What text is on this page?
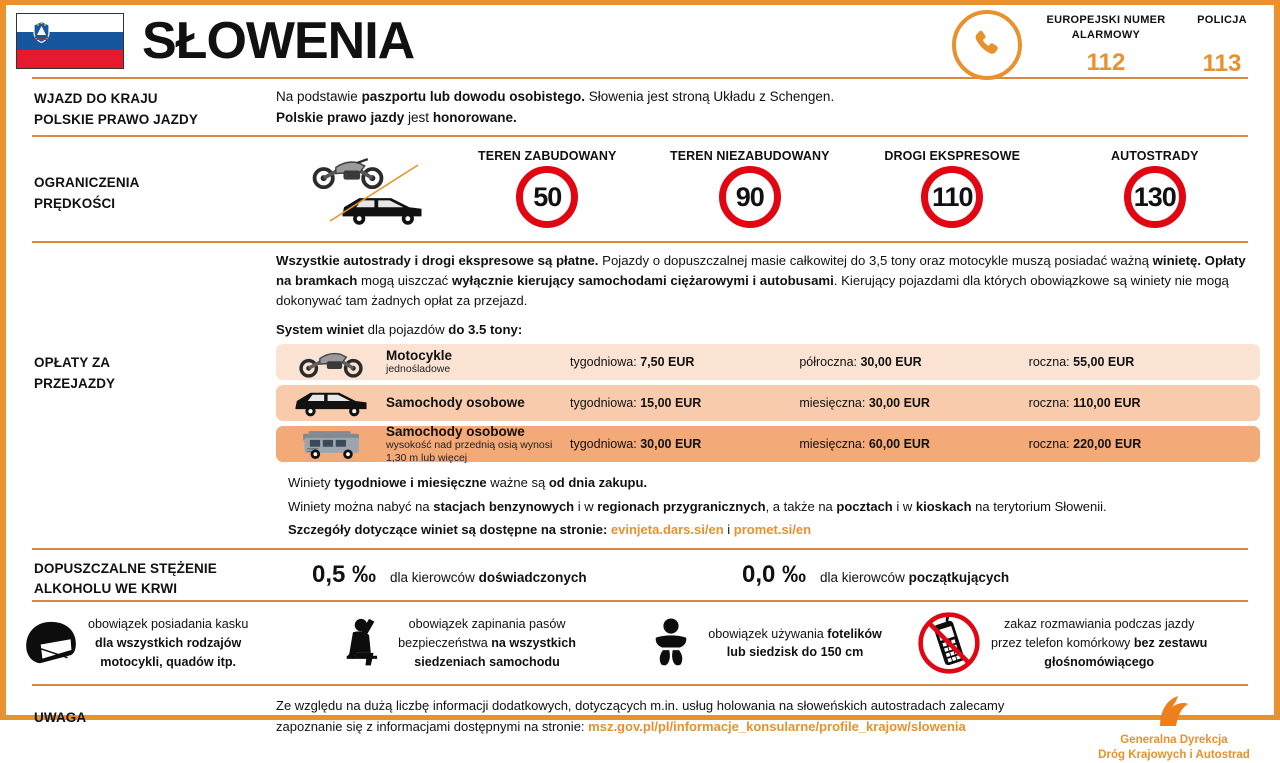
SŁOWENIA	EUROPEJSKI NUMER
ALARMOWY
112
POLICJA
113
WJAZD DO KRAJU
POLSKIE PRAWO JAZDY
Na podstawie paszportu lub dowodu osobistego. Słowenia jest stroną Układu z Schengen.
Polskie prawo jazdy jest honorowane.
OGRANICZENIA
PRĘDKOŚCI
TEREN ZABUDOWANY
50
TEREN NIEZABUDOWANY
90
DROGI EKSPRESOWE
110
AUTOSTRADY
130
OPŁATY ZA
PRZEJAZDY
Wszystkie autostrady i drogi ekspresowe są płatne. Pojazdy o dopuszczalnej masie całkowitej do 3,5 tony oraz motocykle muszą posiadać ważną winietę. Opłaty na bramkach mogą uiszczać wyłącznie kierujący samochodami ciężarowymi i autobusami. Kierujący pojazdami dla których obowiązkowe są winiety nie mogą dokonywać tam żadnych opłat za przejazd.
System winiet dla pojazdów do 3.5 tony:
Motocykle
jednośladowe
tygodniowa: 7,50 EUR	półroczna: 30,00 EUR	roczna: 55,00 EUR
Samochody osobowe	tygodniowa: 15,00 EUR	miesięczna: 30,00 EUR	roczna: 110,00 EUR
Samochody osobowe
wysokość nad przednią osią wynosi 1,30 m lub więcej
tygodniowa: 30,00 EUR	miesięczna: 60,00 EUR	roczna: 220,00 EUR

Winiety tygodniowe i miesięczne ważne są od dnia zakupu.

Winiety można nabyć na stacjach benzynowych i w regionach przygranicznych, a także na pocztach i w kioskach na terytorium Słowenii.

Szczegóły dotyczące winiet są dostępne na stronie: evinjeta.dars.si/en i promet.si/en

DOPUSZCZALNE STĘŻENIE
ALKOHOLU WE KRWI
0,5 ‰ dla kierowców doświadczonych	0,0 ‰ dla kierowców początkujących
obowiązek posiadania kasku
dla wszystkich rodzajów
motocykli, quadów itp.
obowiązek zapinania pasów
bezpieczeństwa na wszystkich
siedzeniach samochodu
obowiązek używania fotelików
lub siedzisk do 150 cm
zakaz rozmawiania podczas jazdy
przez telefon komórkowy bez zestawu
głośnomówiącego
UWAGA
Ze względu na dużą liczbę informacji dodatkowych, dotyczących m.in. usług holowania na słoweńskich autostradach zalecamy
zapoznanie się z informacjami dostępnymi na stronie: msz.gov.pl/pl/informacje_konsularne/profile_krajow/slowenia
Generalna Dyrekcja
Dróg Krajowych i Autostrad
